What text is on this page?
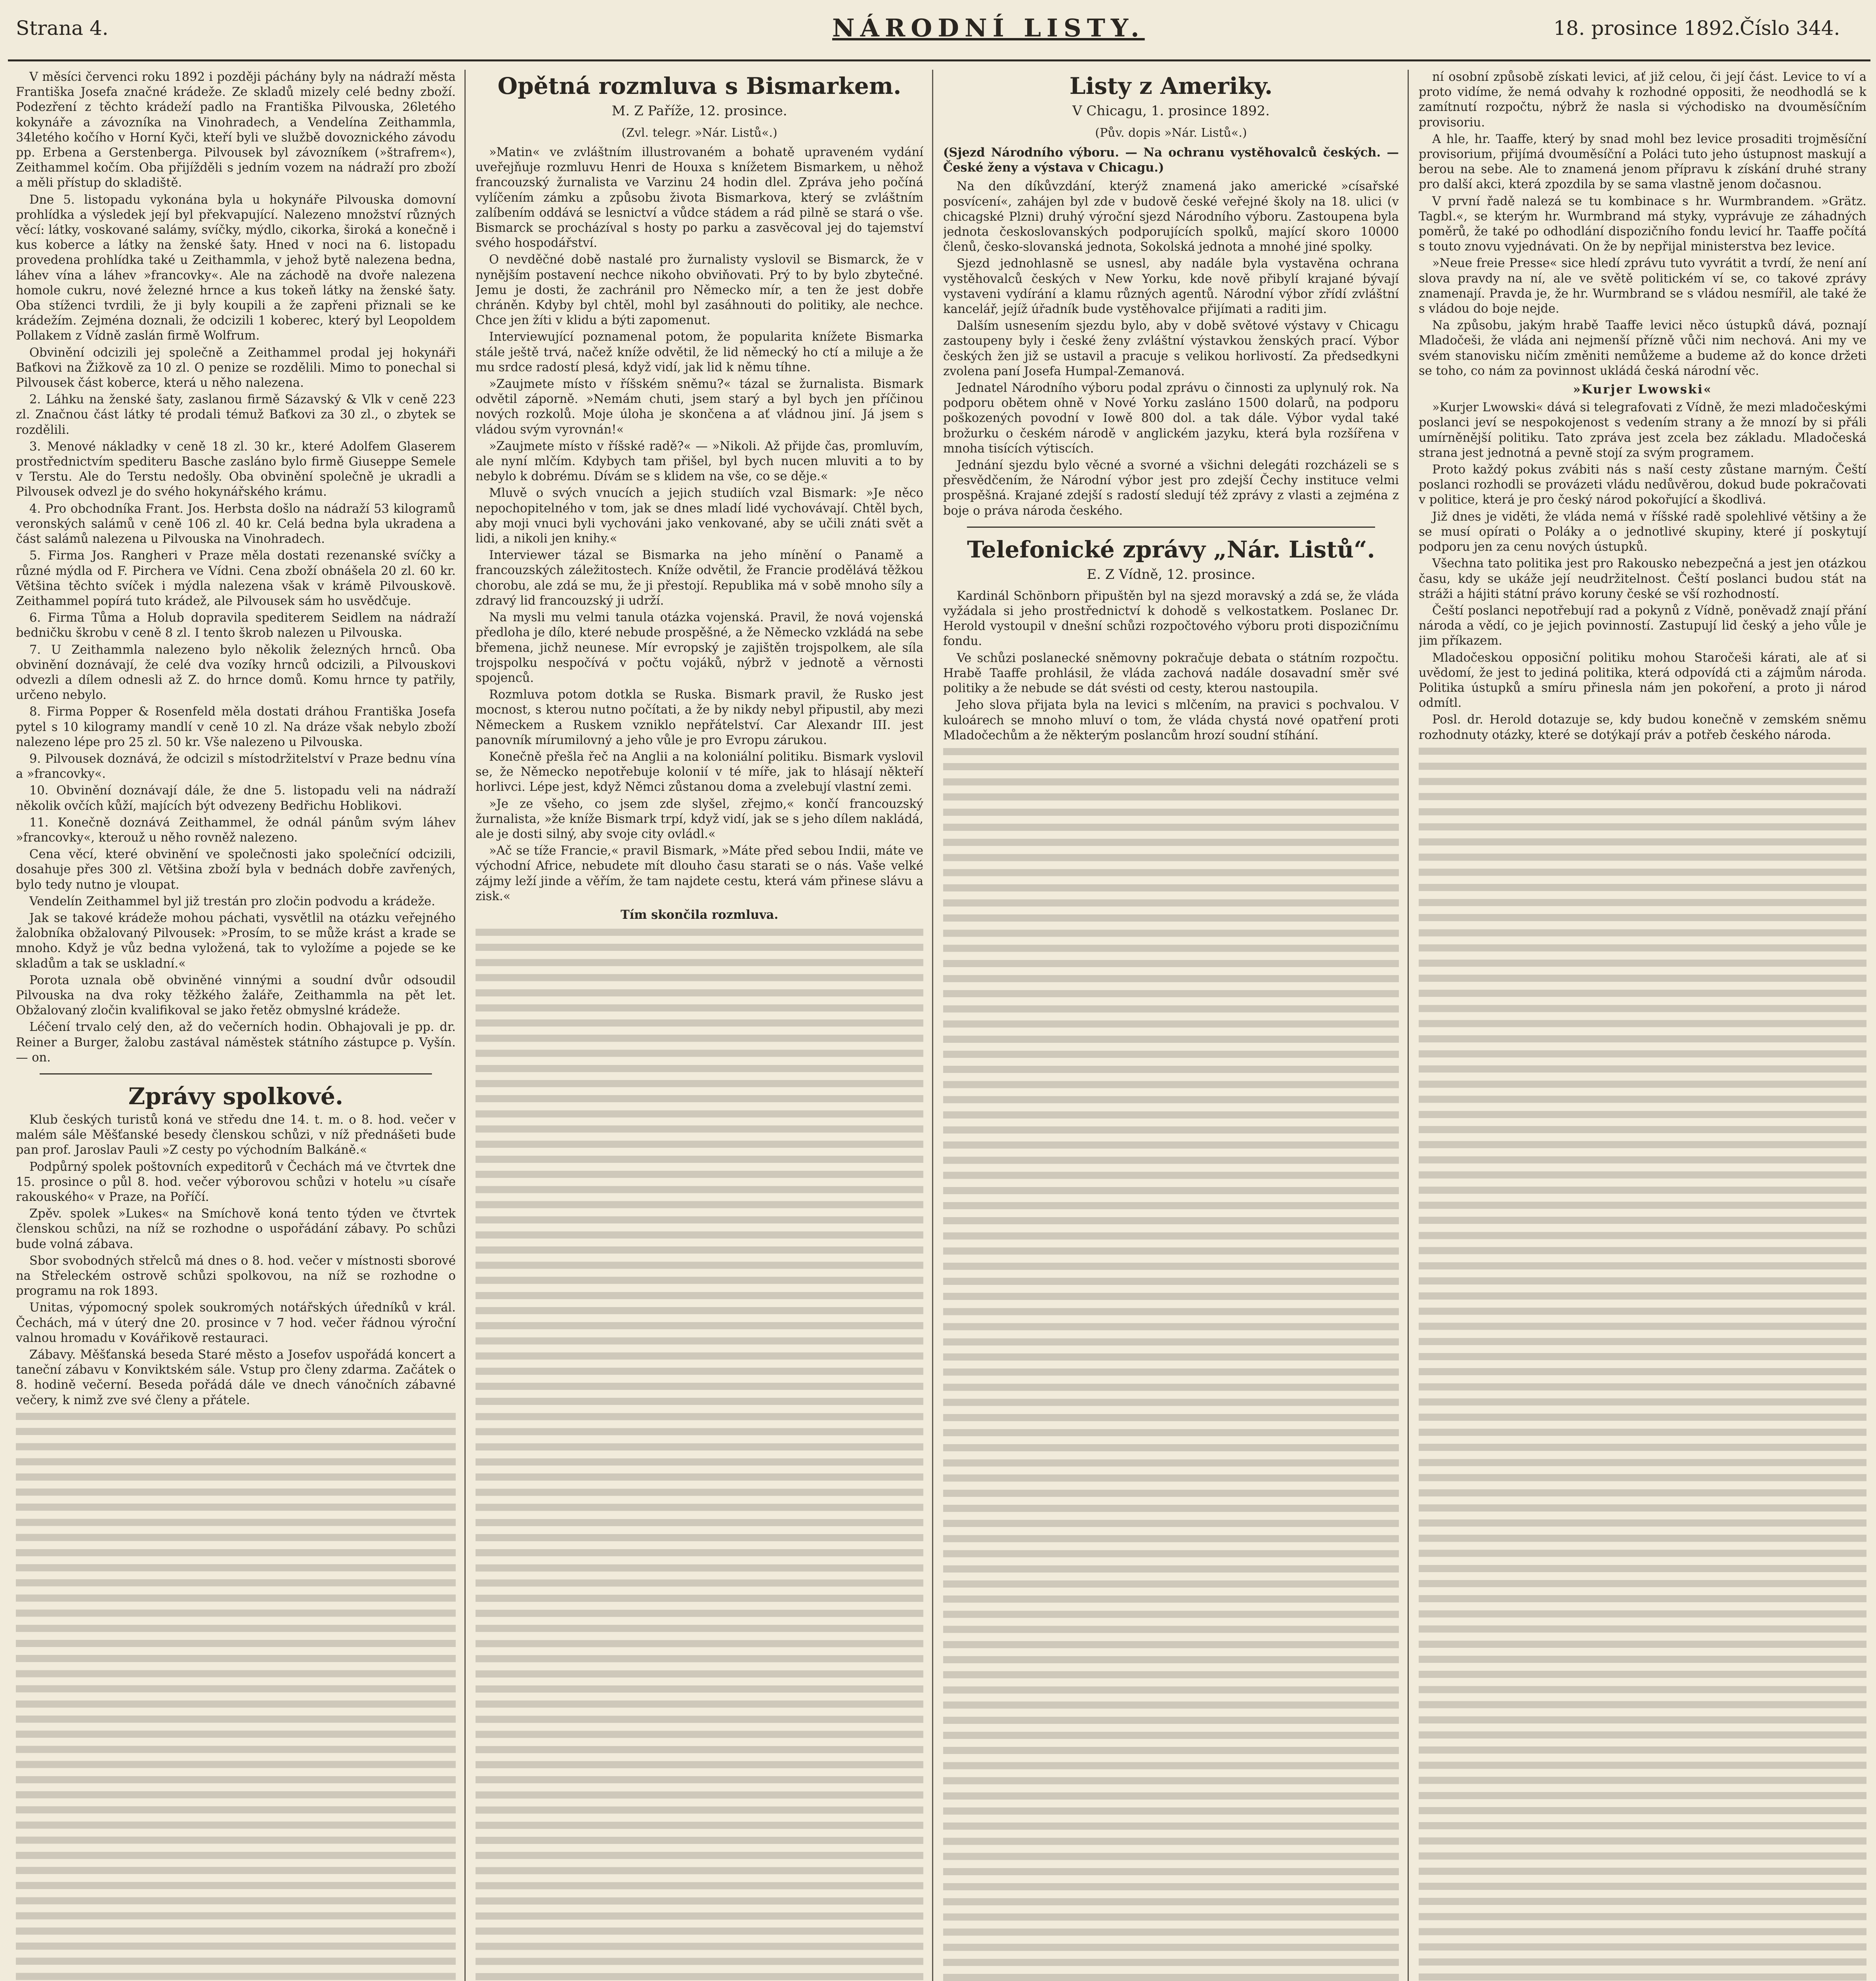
Strana 4.	NÁRODNÍ LISTY.	18. prosince 1892.
Číslo 344.

V měsíci červenci roku 1892 i později páchány byly na nádraží města Františka Josefa značné krádeže. Ze skladů mizely celé bedny zboží. Podezření z těchto krádeží padlo na Františka Pilvouska, 26letého kokynáře a závozníka na Vinohradech, a Vendelína Zeithammla, 34letého kočího v Horní Kyči, kteří byli ve službě dovoznického závodu pp. Erbena a Gerstenberga. Pilvousek byl závozníkem (»štrafrem«), Zeithammel kočím. Oba přijížděli s jedním vozem na nádraží pro zboží a měli přístup do skladiště.

Dne 5. listopadu vykonána byla u hokynáře Pilvouska domovní prohlídka a výsledek její byl překvapující. Nalezeno množství různých věcí: látky, voskované salámy, svíčky, mýdlo, cikorka, široká a konečně i kus koberce a látky na ženské šaty. Hned v noci na 6. listopadu provedena prohlídka také u Zeithammla, v jehož bytě nalezena bedna, láhev vína a láhev »francovky«. Ale na záchodě na dvoře nalezena homole cukru, nové železné hrnce a kus tokeň látky na ženské šaty. Oba stíženci tvrdili, že ji byly koupili a že zapřeni přiznali se ke krádežím. Zejména doznali, že odcizili 1 koberec, který byl Leopoldem Pollakem z Vídně zaslán firmě Wolfrum.

Obvinění odcizili jej společně a Zeithammel prodal jej hokynáři Baťkovi na Žižkově za 10 zl. O penize se rozdělili. Mimo to ponechal si Pilvousek část koberce, která u něho nalezena.

2. Láhku na ženské šaty, zaslanou firmě Sázavský & Vlk v ceně 223 zl. Značnou část látky té prodali témuž Baťkovi za 30 zl., o zbytek se rozdělili.

3. Menové nákladky v ceně 18 zl. 30 kr., které Adolfem Glaserem prostřednictvím spediteru Basche zasláno bylo firmě Giuseppe Semele v Terstu. Ale do Terstu nedošly. Oba obvinění společně je ukradli a Pilvousek odvezl je do svého hokynářského krámu.

4. Pro obchodníka Frant. Jos. Herbsta došlo na nádraží 53 kilogramů veronských salámů v ceně 106 zl. 40 kr. Celá bedna byla ukradena a část salámů nalezena u Pilvouska na Vinohradech.

5. Firma Jos. Rangheri v Praze měla dostati rezenanské svíčky a různé mýdla od F. Pirchera ve Vídni. Cena zboží obnášela 20 zl. 60 kr. Většina těchto svíček i mýdla nalezena však v krámě Pilvouskově. Zeithammel popírá tuto krádež, ale Pilvousek sám ho usvědčuje.

6. Firma Tůma a Holub dopravila spediterem Seidlem na nádraží bedničku škrobu v ceně 8 zl. I tento škrob nalezen u Pilvouska.

7. U Zeithammla nalezeno bylo několik železných hrnců. Oba obvinění doznávají, že celé dva vozíky hrnců odcizili, a Pilvouskovi odvezli a dílem odnesli až Z. do hrnce domů. Komu hrnce ty patřily, určeno nebylo.

8. Firma Popper & Rosenfeld měla dostati dráhou Františka Josefa pytel s 10 kilogramy mandlí v ceně 10 zl. Na dráze však nebylo zboží nalezeno lépe pro 25 zl. 50 kr. Vše nalezeno u Pilvouska.

9. Pilvousek doznává, že odcizil s místodržitelství v Praze bednu vína a »francovky«.

10. Obvinění doznávají dále, že dne 5. listopadu veli na nádraží několik ovčích kůží, majících být odvezeny Bedřichu Hoblikovi.

11. Konečně doznává Zeithammel, že odnál pánům svým láhev »francovky«, kterouž u něho rovněž nalezeno.

Cena věcí, které obvinění ve společnosti jako společnící odcizili, dosahuje přes 300 zl. Většina zboží byla v bednách dobře zavřených, bylo tedy nutno je vloupat.

Vendelín Zeithammel byl již trestán pro zločin podvodu a krádeže.

Jak se takové krádeže mohou páchati, vysvětlil na otázku veřejného žalobníka obžalovaný Pilvousek: »Prosím, to se může krást a krade se mnoho. Když je vůz bedna vyložená, tak to vyložíme a pojede se ke skladům a tak se uskladní.«

Porota uznala obě obviněné vinnými a soudní dvůr odsoudil Pilvouska na dva roky těžkého žaláře, Zeithammla na pět let. Obžalovaný zločin kvalifikoval se jako řetěz obmyslné krádeže.

Léčení trvalo celý den, až do večerních hodin. Obhajovali je pp. dr. Reiner a Burger, žalobu zastával náměstek státního zástupce p. Vyšín. — on.

Zprávy spolkové.

Klub českých turistů koná ve středu dne 14. t. m. o 8. hod. večer v malém sále Měšťanské besedy členskou schůzi, v níž přednášeti bude pan prof. Jaroslav Pauli »Z cesty po východním Balkáně.«

Podpůrný spolek poštovních expeditorů v Čechách má ve čtvrtek dne 15. prosince o půl 8. hod. večer výborovou schůzi v hotelu »u císaře rakouského« v Praze, na Poříčí.

Zpěv. spolek »Lukes« na Smíchově koná tento týden ve čtvrtek členskou schůzi, na níž se rozhodne o uspořádání zábavy. Po schůzi bude volná zábava.

Sbor svobodných střelců má dnes o 8. hod. večer v místnosti sborové na Střeleckém ostrově schůzi spolkovou, na níž se rozhodne o programu na rok 1893.

Unitas, výpomocný spolek soukromých notářských úředníků v král. Čechách, má v úterý dne 20. prosince v 7 hod. večer řádnou výroční valnou hromadu v Kovářikově restauraci.

Zábavy. Měšťanská beseda Staré město a Josefov uspořádá koncert a taneční zábavu v Konviktském sále. Vstup pro členy zdarma. Začátek o 8. hodině večerní. Beseda pořádá dále ve dnech vánočních zábavné večery, k nimž zve své členy a přátele.

Opětná rozmluva s Bismarkem.
M. Z Paříže, 12. prosince.
(Zvl. telegr. »Nár. Listů«.)

»Matin« ve zvláštním illustrovaném a bohatě upraveném vydání uveřejňuje rozmluvu Henri de Houxa s knížetem Bismarkem, u něhož francouzský žurnalista ve Varzinu 24 hodin dlel. Zpráva jeho počíná vylíčením zámku a způsobu života Bismarkova, který se zvláštním zalíbením oddává se lesnictví a vůdce stádem a rád pilně se stará o vše. Bismarck se procházíval s hosty po parku a zasvěcoval jej do tajemství svého hospodářství.

O nevděčné době nastalé pro žurnalisty vyslovil se Bismarck, že v nynějším postavení nechce nikoho obviňovati. Prý to by bylo zbytečné. Jemu je dosti, že zachránil pro Německo mír, a ten že jest dobře chráněn. Kdyby byl chtěl, mohl byl zasáhnouti do politiky, ale nechce. Chce jen žíti v klidu a býti zapomenut.

Interviewující poznamenal potom, že popularita knížete Bismarka stále ještě trvá, načež kníže odvětil, že lid německý ho ctí a miluje a že mu srdce radostí plesá, když vidí, jak lid k němu tíhne.

»Zaujmete místo v říšském sněmu?« tázal se žurnalista. Bismark odvětil záporně. »Nemám chuti, jsem starý a byl bych jen příčinou nových rozkolů. Moje úloha je skončena a ať vládnou jiní. Já jsem s vládou svým vyrovnán!«

»Zaujmete místo v říšské radě?« — »Nikoli. Až přijde čas, promluvím, ale nyní mlčím. Kdybych tam přišel, byl bych nucen mluviti a to by nebylo k dobrému. Dívám se s klidem na vše, co se děje.«

Mluvě o svých vnucích a jejich studiích vzal Bismark: »Je něco nepochopitelného v tom, jak se dnes mladí lidé vychovávají. Chtěl bych, aby moji vnuci byli vychováni jako venkované, aby se učili znáti svět a lidi, a nikoli jen knihy.«

Interviewer tázal se Bismarka na jeho mínění o Panamě a francouzských záležitostech. Kníže odvětil, že Francie prodělává těžkou chorobu, ale zdá se mu, že ji přestojí. Republika má v sobě mnoho síly a zdravý lid francouzský ji udrží.

Na mysli mu velmi tanula otázka vojenská. Pravil, že nová vojenská předloha je dílo, které nebude prospěšné, a že Německo vzkládá na sebe břemena, jichž neunese. Mír evropský je zajištěn trojspolkem, ale síla trojspolku nespočívá v počtu vojáků, nýbrž v jednotě a věrnosti spojenců.

Rozmluva potom dotkla se Ruska. Bismark pravil, že Rusko jest mocnost, s kterou nutno počítati, a že by nikdy nebyl připustil, aby mezi Německem a Ruskem vzniklo nepřátelství. Car Alexandr III. jest panovník mírumilovný a jeho vůle je pro Evropu zárukou.

Konečně přešla řeč na Anglii a na koloniální politiku. Bismark vyslovil se, že Německo nepotřebuje kolonií v té míře, jak to hlásají někteří horlivci. Lépe jest, když Němci zůstanou doma a zvelebují vlastní zemi.

»Je ze všeho, co jsem zde slyšel, zřejmo,« končí francouzský žurnalista, »že kníže Bismark trpí, když vidí, jak se s jeho dílem nakládá, ale je dosti silný, aby svoje city ovládl.«

»Ač se tíže Francie,« pravil Bismark, »Máte před sebou Indii, máte ve východní Africe, nebudete mít dlouho času starati se o nás. Vaše velké zájmy leží jinde a věřím, že tam najdete cestu, která vám přinese slávu a zisk.«

Tím skončila rozmluva.
Listy z Ameriky.
V Chicagu, 1. prosince 1892.
(Pův. dopis »Nár. Listů«.)

(Sjezd Národního výboru. — Na ochranu vystěhovalců českých. — České ženy a výstava v Chicagu.)

Na den díkůvzdání, kterýž znamená jako americké »císařské posvícení«, zahájen byl zde v budově české veřejné školy na 18. ulici (v chicagské Plzni) druhý výroční sjezd Národního výboru. Zastoupena byla jednota českoslovanských podporujících spolků, mající skoro 10000 členů, česko-slovanská jednota, Sokolská jednota a mnohé jiné spolky.

Sjezd jednohlasně se usnesl, aby nadále byla vystavěna ochrana vystěhovalců českých v New Yorku, kde nově přibylí krajané bývají vystaveni vydírání a klamu různých agentů. Národní výbor zřídí zvláštní kancelář, jejíž úřadník bude vystěhovalce přijímati a raditi jim.

Dalším usnesením sjezdu bylo, aby v době světové výstavy v Chicagu zastoupeny byly i české ženy zvláštní výstavkou ženských prací. Výbor českých žen již se ustavil a pracuje s velikou horlivostí. Za předsedkyni zvolena paní Josefa Humpal-Zemanová.

Jednatel Národního výboru podal zprávu o činnosti za uplynulý rok. Na podporu obětem ohně v Nové Yorku zasláno 1500 dolarů, na podporu poškozených povodní v Iowě 800 dol. a tak dále. Výbor vydal také brožurku o českém národě v anglickém jazyku, která byla rozšířena v mnoha tisících výtiscích.

Jednání sjezdu bylo věcné a svorné a všichni delegáti rozcházeli se s přesvědčením, že Národní výbor jest pro zdejší Čechy instituce velmi prospěšná. Krajané zdejší s radostí sledují též zprávy z vlasti a zejména z boje o práva národa českého.

Telefonické zprávy „Nár. Listů“.
E. Z Vídně, 12. prosince.

Kardinál Schönborn připuštěn byl na sjezd moravský a zdá se, že vláda vyžádala si jeho prostřednictví k dohodě s velkostatkem. Poslanec Dr. Herold vystoupil v dnešní schůzi rozpočtového výboru proti dispozičnímu fondu.

Ve schůzi poslanecké sněmovny pokračuje debata o státním rozpočtu. Hrabě Taaffe prohlásil, že vláda zachová nadále dosavadní směr své politiky a že nebude se dát svésti od cesty, kterou nastoupila.

Jeho slova přijata byla na levici s mlčením, na pravici s pochvalou. V kuloárech se mnoho mluví o tom, že vláda chystá nové opatření proti Mladočechům a že některým poslancům hrozí soudní stíhání.

ní osobní způsobě získati levici, ať již celou, či její část. Levice to ví a proto vidíme, že nemá odvahy k rozhodné oppositi, že neodhodlá se k zamítnutí rozpočtu, nýbrž že nasla si východisko na dvouměsíčním provisoriu.

A hle, hr. Taaffe, který by snad mohl bez levice prosaditi trojměsíční provisorium, přijímá dvouměsíční a Poláci tuto jeho ústupnost maskují a berou na sebe. Ale to znamená jenom přípravu k získání druhé strany pro další akci, která zpozdila by se sama vlastně jenom dočasnou.

V první řadě nalezá se tu kombinace s hr. Wurmbrandem. »Grätz. Tagbl.«, se kterým hr. Wurmbrand má styky, vyprávuje ze záhadných poměrů, že také po odhodlání dispozičního fondu levicí hr. Taaffe počítá s touto znovu vyjednávati. On že by nepřijal ministerstva bez levice.

»Neue freie Presse« sice hledí zprávu tuto vyvrátit a tvrdí, že není aní slova pravdy na ní, ale ve světě politickém ví se, co takové zprávy znamenají. Pravda je, že hr. Wurmbrand se s vládou nesmířil, ale také že s vládou do boje nejde.

Na způsobu, jakým hrabě Taaffe levici něco ústupků dává, poznají Mladočeši, že vláda ani nejmenší přízně vůči nim nechová. Ani my ve svém stanovisku ničím změniti nemůžeme a budeme až do konce držeti se toho, co nám za povinnost ukládá česká národní věc.

»Kurjer Lwowski«

»Kurjer Lwowski« dává si telegrafovati z Vídně, že mezi mladočeskými poslanci jeví se nespokojenost s vedením strany a že mnozí by si přáli umírněnější politiku. Tato zpráva jest zcela bez základu. Mladočeská strana jest jednotná a pevně stojí za svým programem.

Proto každý pokus zvábiti nás s naší cesty zůstane marným. Čeští poslanci rozhodli se provázeti vládu nedůvěrou, dokud bude pokračovati v politice, která je pro český národ pokořující a škodlivá.

Již dnes je viděti, že vláda nemá v říšské radě spolehlivé většiny a že se musí opírati o Poláky a o jednotlivé skupiny, které jí poskytují podporu jen za cenu nových ústupků.

Všechna tato politika jest pro Rakousko nebezpečná a jest jen otázkou času, kdy se ukáže její neudržitelnost. Čeští poslanci budou stát na stráži a hájiti státní právo koruny české se vší rozhodností.

Čeští poslanci nepotřebují rad a pokynů z Vídně, poněvadž znají přání národa a vědí, co je jejich povinností. Zastupují lid český a jeho vůle je jim příkazem.

Mladočeskou opposiční politiku mohou Staročeši kárati, ale ať si uvědomí, že jest to jediná politika, která odpovídá cti a zájmům národa. Politika ústupků a smíru přinesla nám jen pokoření, a proto ji národ odmítl.

Posl. dr. Herold dotazuje se, kdy budou konečně v zemském sněmu rozhodnuty otázky, které se dotýkají práv a potřeb českého národa.
